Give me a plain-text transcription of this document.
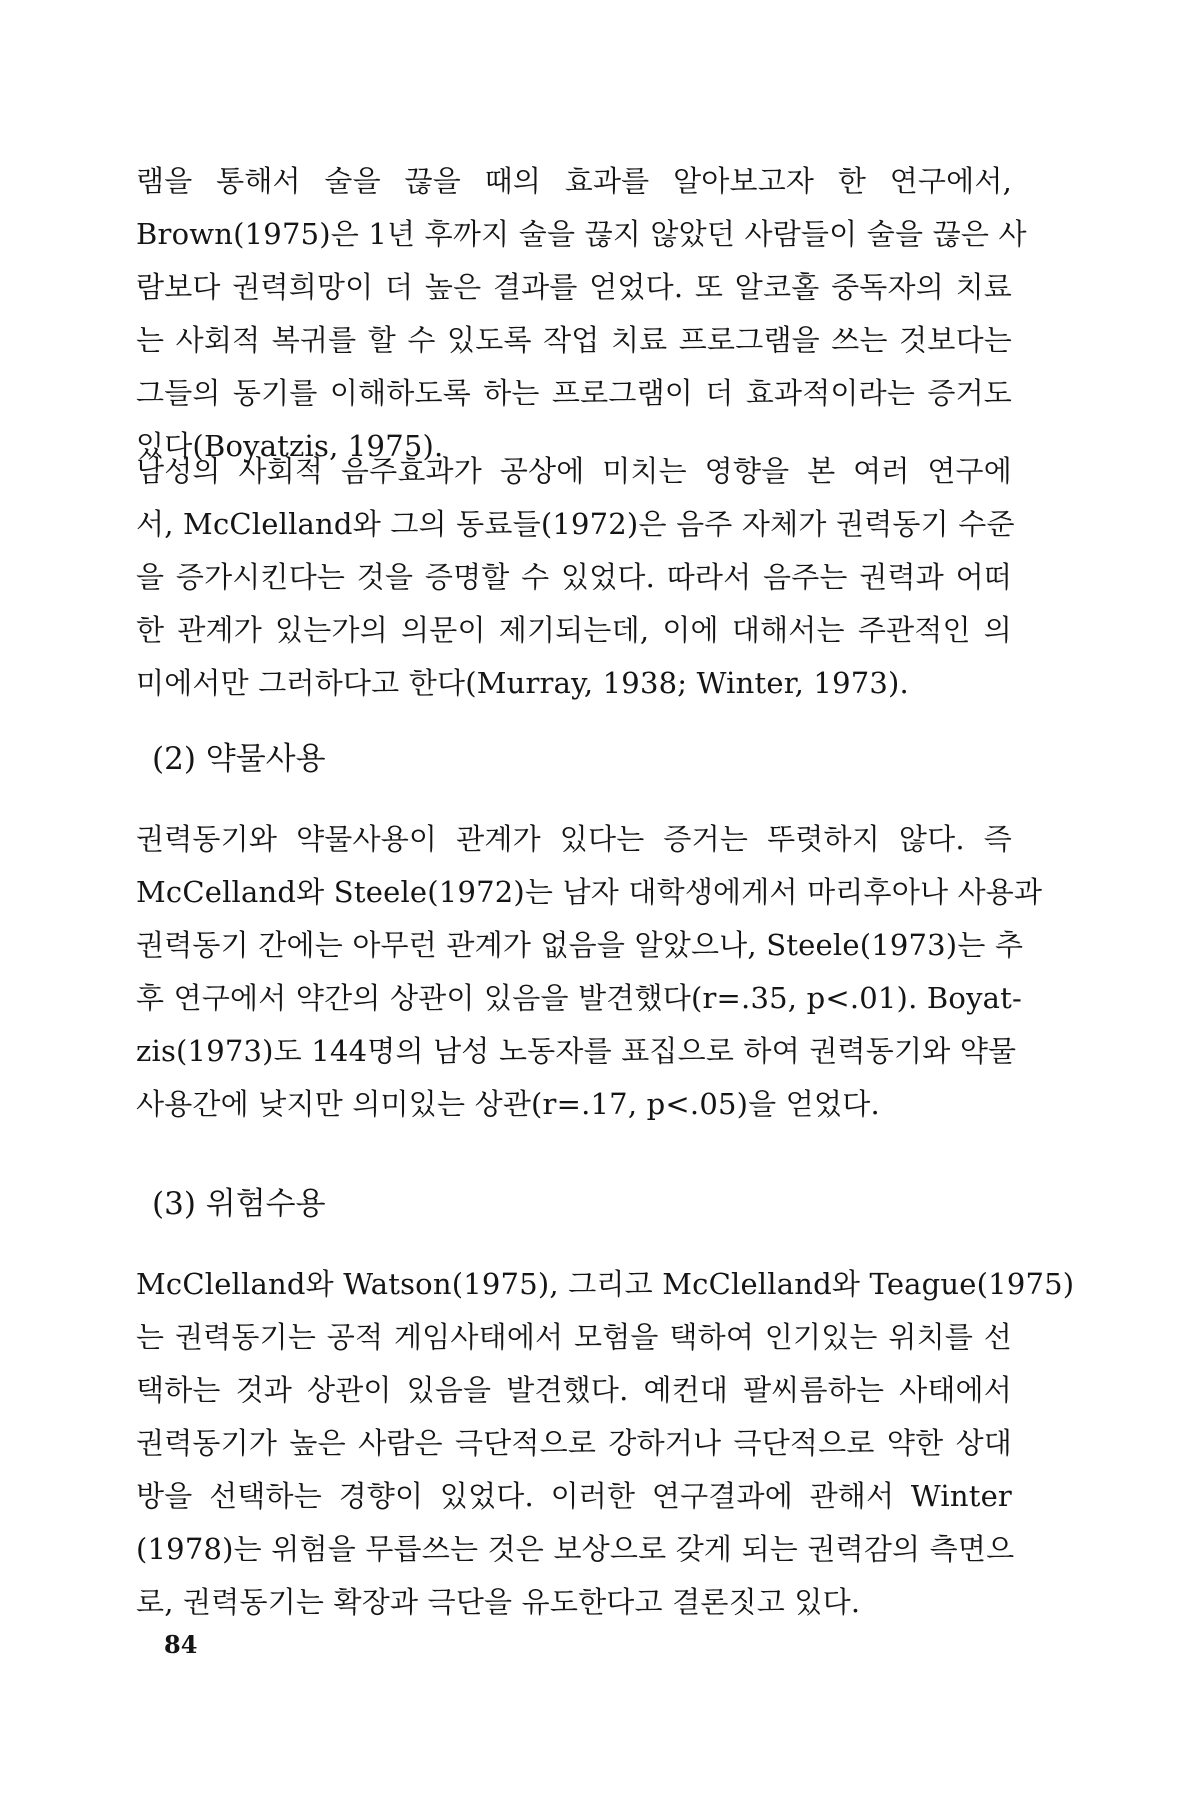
램을 통해서 술을 끊을 때의 효과를 알아보고자 한 연구에서,
Brown(1975)은 1년 후까지 술을 끊지 않았던 사람들이 술을 끊은 사
람보다 권력희망이 더 높은 결과를 얻었다. 또 알코홀 중독자의 치료
는 사회적 복귀를 할 수 있도록 작업 치료 프로그램을 쓰는 것보다는
그들의 동기를 이해하도록 하는 프로그램이 더 효과적이라는 증거도
있다(Boyatzis, 1975).
남성의 사회적 음주효과가 공상에 미치는 영향을 본 여러 연구에
서, McClelland와 그의 동료들(1972)은 음주 자체가 권력동기 수준
을 증가시킨다는 것을 증명할 수 있었다. 따라서 음주는 권력과 어떠
한 관계가 있는가의 의문이 제기되는데, 이에 대해서는 주관적인 의
미에서만 그러하다고 한다(Murray, 1938; Winter, 1973).
(2) 약물사용
권력동기와 약물사용이 관계가 있다는 증거는 뚜렷하지 않다. 즉
McCelland와 Steele(1972)는 남자 대학생에게서 마리후아나 사용과
권력동기 간에는 아무런 관계가 없음을 알았으나, Steele(1973)는 추
후 연구에서 약간의 상관이 있음을 발견했다(r=.35, p<.01). Boyat-
zis(1973)도 144명의 남성 노동자를 표집으로 하여 권력동기와 약물
사용간에 낮지만 의미있는 상관(r=.17, p<.05)을 얻었다.
(3) 위험수용
McClelland와 Watson(1975), 그리고 McClelland와 Teague(1975)
는 권력동기는 공적 게임사태에서 모험을 택하여 인기있는 위치를 선
택하는 것과 상관이 있음을 발견했다. 예컨대 팔씨름하는 사태에서
권력동기가 높은 사람은 극단적으로 강하거나 극단적으로 약한 상대
방을 선택하는 경향이 있었다. 이러한 연구결과에 관해서 Winter
(1978)는 위험을 무릅쓰는 것은 보상으로 갖게 되는 권력감의 측면으
로, 권력동기는 확장과 극단을 유도한다고 결론짓고 있다.
84
